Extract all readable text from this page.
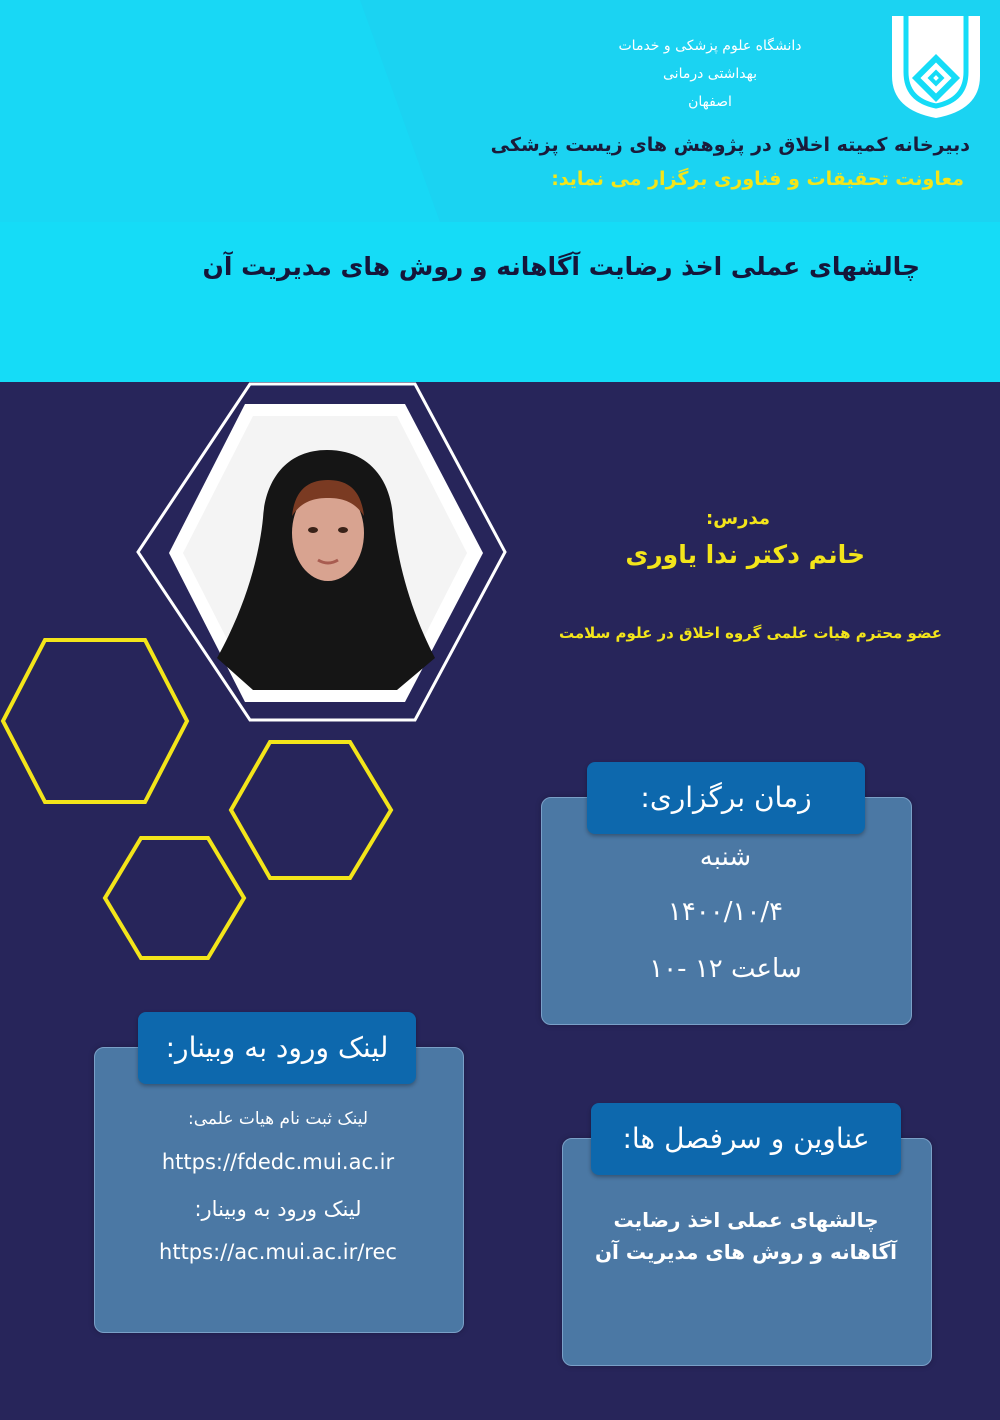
دانشگاه علوم پزشکی و خدمات
بهداشتی درمانی
اصفهان
دبیرخانه کمیته اخلاق در پژوهش های زیست پزشکی
معاونت تحقیقات و فناوری برگزار می نماید:
چالشهای عملی اخذ رضایت آگاهانه و روش های مدیریت آن
مدرس:
خانم دکتر ندا یاوری
عضو محترم هیات علمی گروه اخلاق در علوم سلامت
زمان برگزاری:
شنبه
۱۴۰۰/۱۰/۴
ساعت ۱۲ -۱۰
لینک ورود به وبینار:
لینک ثبت نام هیات علمی:
https://fdedc.mui.ac.ir
لینک ورود به وبینار:
https://ac.mui.ac.ir/rec
عناوین و سرفصل ها:
چالشهای عملی اخذ رضایت
آگاهانه و روش های مدیریت آن
